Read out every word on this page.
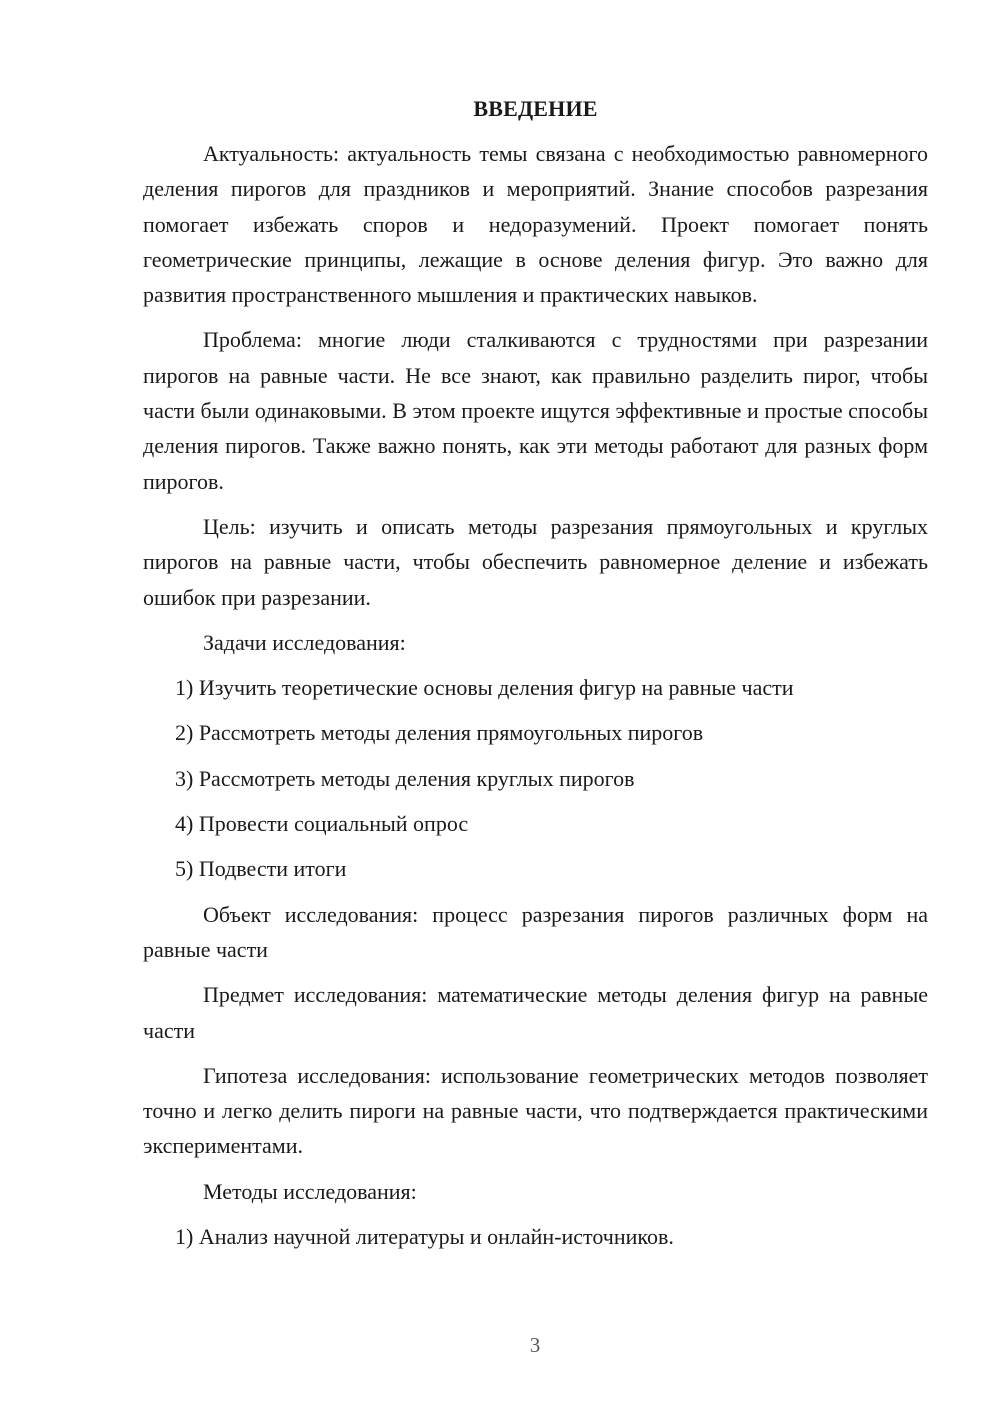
ВВЕДЕНИЕ

Актуальность: актуальность темы связана с необходимостью равномерного деления пирогов для праздников и мероприятий. Знание способов разрезания помогает избежать споров и недоразумений. Проект помогает понять геометрические принципы, лежащие в основе деления фигур. Это важно для развития пространственного мышления и практических навыков.

Проблема: многие люди сталкиваются с трудностями при разрезании пирогов на равные части. Не все знают, как правильно разделить пирог, чтобы части были одинаковыми. В этом проекте ищутся эффективные и простые способы деления пирогов. Также важно понять, как эти методы работают для разных форм пирогов.

Цель: изучить и описать методы разрезания прямоугольных и круглых пирогов на равные части, чтобы обеспечить равномерное деление и избежать ошибок при разрезании.

Задачи исследования:

1) Изучить теоретические основы деления фигур на равные части
2) Рассмотреть методы деления прямоугольных пирогов
3) Рассмотреть методы деления круглых пирогов
4) Провести социальный опрос
5) Подвести итоги

Объект исследования: процесс разрезания пирогов различных форм на равные части

Предмет исследования: математические методы деления фигур на равные части

Гипотеза исследования: использование геометрических методов позволяет точно и легко делить пироги на равные части, что подтверждается практическими экспериментами.

Методы исследования:

1) Анализ научной литературы и онлайн-источников.
3
